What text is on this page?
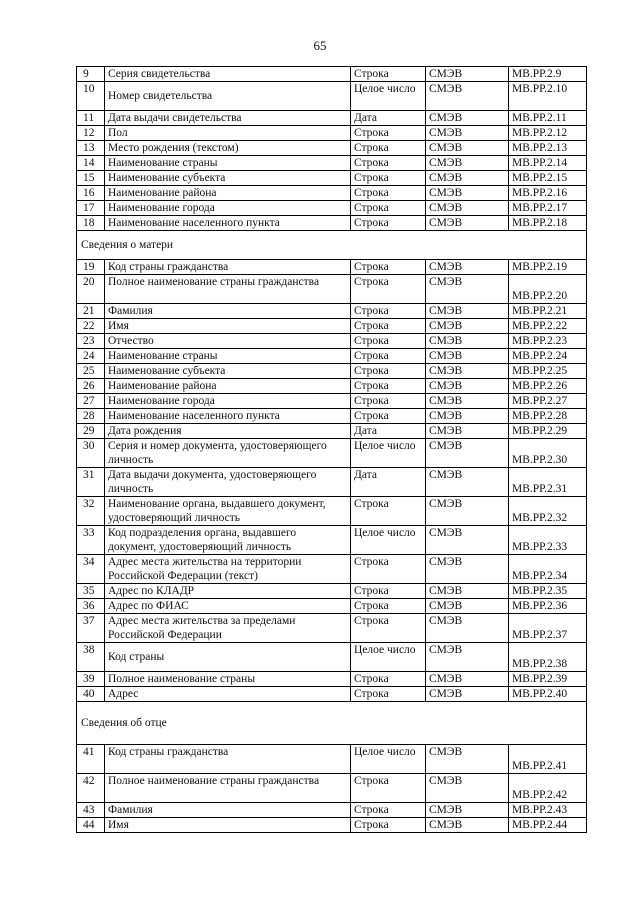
65
9	Серия свидетельства	Строка	СМЭВ	МВ.РР.2.9
10	Номер свидетельства	Целое число	СМЭВ	МВ.РР.2.10
11	Дата выдачи свидетельства	Дата	СМЭВ	МВ.РР.2.11
12	Пол	Строка	СМЭВ	МВ.РР.2.12
13	Место рождения (текстом)	Строка	СМЭВ	МВ.РР.2.13
14	Наименование страны	Строка	СМЭВ	МВ.РР.2.14
15	Наименование субъекта	Строка	СМЭВ	МВ.РР.2.15
16	Наименование района	Строка	СМЭВ	МВ.РР.2.16
17	Наименование города	Строка	СМЭВ	МВ.РР.2.17
18	Наименование населенного пункта	Строка	СМЭВ	МВ.РР.2.18
Сведения о матери				
19	Код страны гражданства	Строка	СМЭВ	МВ.РР.2.19
20	Полное наименование страны гражданства	Строка	СМЭВ	МВ.РР.2.20
21	Фамилия	Строка	СМЭВ	МВ.РР.2.21
22	Имя	Строка	СМЭВ	МВ.РР.2.22
23	Отчество	Строка	СМЭВ	МВ.РР.2.23
24	Наименование страны	Строка	СМЭВ	МВ.РР.2.24
25	Наименование субъекта	Строка	СМЭВ	МВ.РР.2.25
26	Наименование района	Строка	СМЭВ	МВ.РР.2.26
27	Наименование города	Строка	СМЭВ	МВ.РР.2.27
28	Наименование населенного пункта	Строка	СМЭВ	МВ.РР.2.28
29	Дата рождения	Дата	СМЭВ	МВ.РР.2.29
30	Серия и номер документа, удостоверяющего личность	Целое число	СМЭВ	МВ.РР.2.30
31	Дата выдачи документа, удостоверяющего личность	Дата	СМЭВ	МВ.РР.2.31
32	Наименование органа, выдавшего документ, удостоверяющий личность	Строка	СМЭВ	МВ.РР.2.32
33	Код подразделения органа, выдавшего документ, удостоверяющий личность	Целое число	СМЭВ	МВ.РР.2.33
34	Адрес места жительства на территории Российской Федерации (текст)	Строка	СМЭВ	МВ.РР.2.34
35	Адрес по КЛАДР	Строка	СМЭВ	МВ.РР.2.35
36	Адрес по ФИАС	Строка	СМЭВ	МВ.РР.2.36
37	Адрес места жительства за пределами Российской Федерации	Строка	СМЭВ	МВ.РР.2.37
38	Код страны	Целое число	СМЭВ	МВ.РР.2.38
39	Полное наименование страны	Строка	СМЭВ	МВ.РР.2.39
40	Адрес	Строка	СМЭВ	МВ.РР.2.40
Сведения об отце				
41	Код страны гражданства	Целое число	СМЭВ	МВ.РР.2.41
42	Полное наименование страны гражданства	Строка	СМЭВ	МВ.РР.2.42
43	Фамилия	Строка	СМЭВ	МВ.РР.2.43
44	Имя	Строка	СМЭВ	МВ.РР.2.44
